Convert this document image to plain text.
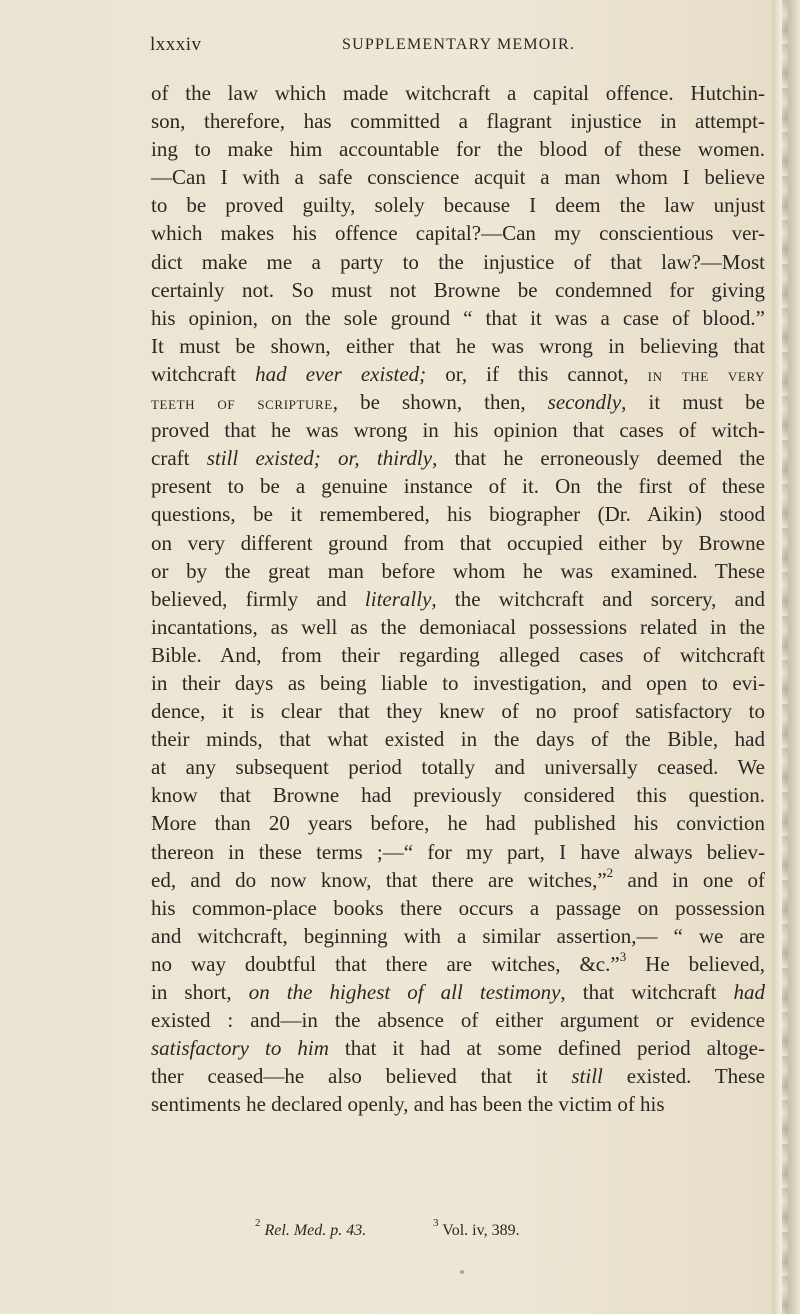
lxxxiv	SUPPLEMENTARY MEMOIR.
of the law which made witchcraft a capital offence. Hutchin-
son, therefore, has committed a flagrant injustice in attempt-
ing to make him accountable for the blood of these women.
—Can I with a safe conscience acquit a man whom I believe
to be proved guilty, solely because I deem the law unjust
which makes his offence capital?—Can my conscientious ver-
dict make me a party to the injustice of that law?—Most
certainly not. So must not Browne be condemned for giving
his opinion, on the sole ground “ that it was a case of blood.”
It must be shown, either that he was wrong in believing that
witchcraft had ever existed; or, if this cannot, in the very
teeth of scripture, be shown, then, secondly, it must be
proved that he was wrong in his opinion that cases of witch-
craft still existed; or, thirdly, that he erroneously deemed the
present to be a genuine instance of it. On the first of these
questions, be it remembered, his biographer (Dr. Aikin) stood
on very different ground from that occupied either by Browne
or by the great man before whom he was examined. These
believed, firmly and literally, the witchcraft and sorcery, and
incantations, as well as the demoniacal possessions related in the
Bible. And, from their regarding alleged cases of witchcraft
in their days as being liable to investigation, and open to evi-
dence, it is clear that they knew of no proof satisfactory to
their minds, that what existed in the days of the Bible, had
at any subsequent period totally and universally ceased. We
know that Browne had previously considered this question.
More than 20 years before, he had published his conviction
thereon in these terms ;—“ for my part, I have always believ-
ed, and do now know, that there are witches,”$^2$ and in one of
his common-place books there occurs a passage on possession
and witchcraft, beginning with a similar assertion,— “ we are
no way doubtful that there are witches, &c.”$^3$ He believed,
in short, on the highest of all testimony, that witchcraft had
existed : and—in the absence of either argument or evidence
satisfactory to him that it had at some defined period altoge-
ther ceased—he also believed that it still existed. These
sentiments he declared openly, and has been the victim of his
$^2$ Rel. Med. p. 43.	$^3$ Vol. iv, 389.
